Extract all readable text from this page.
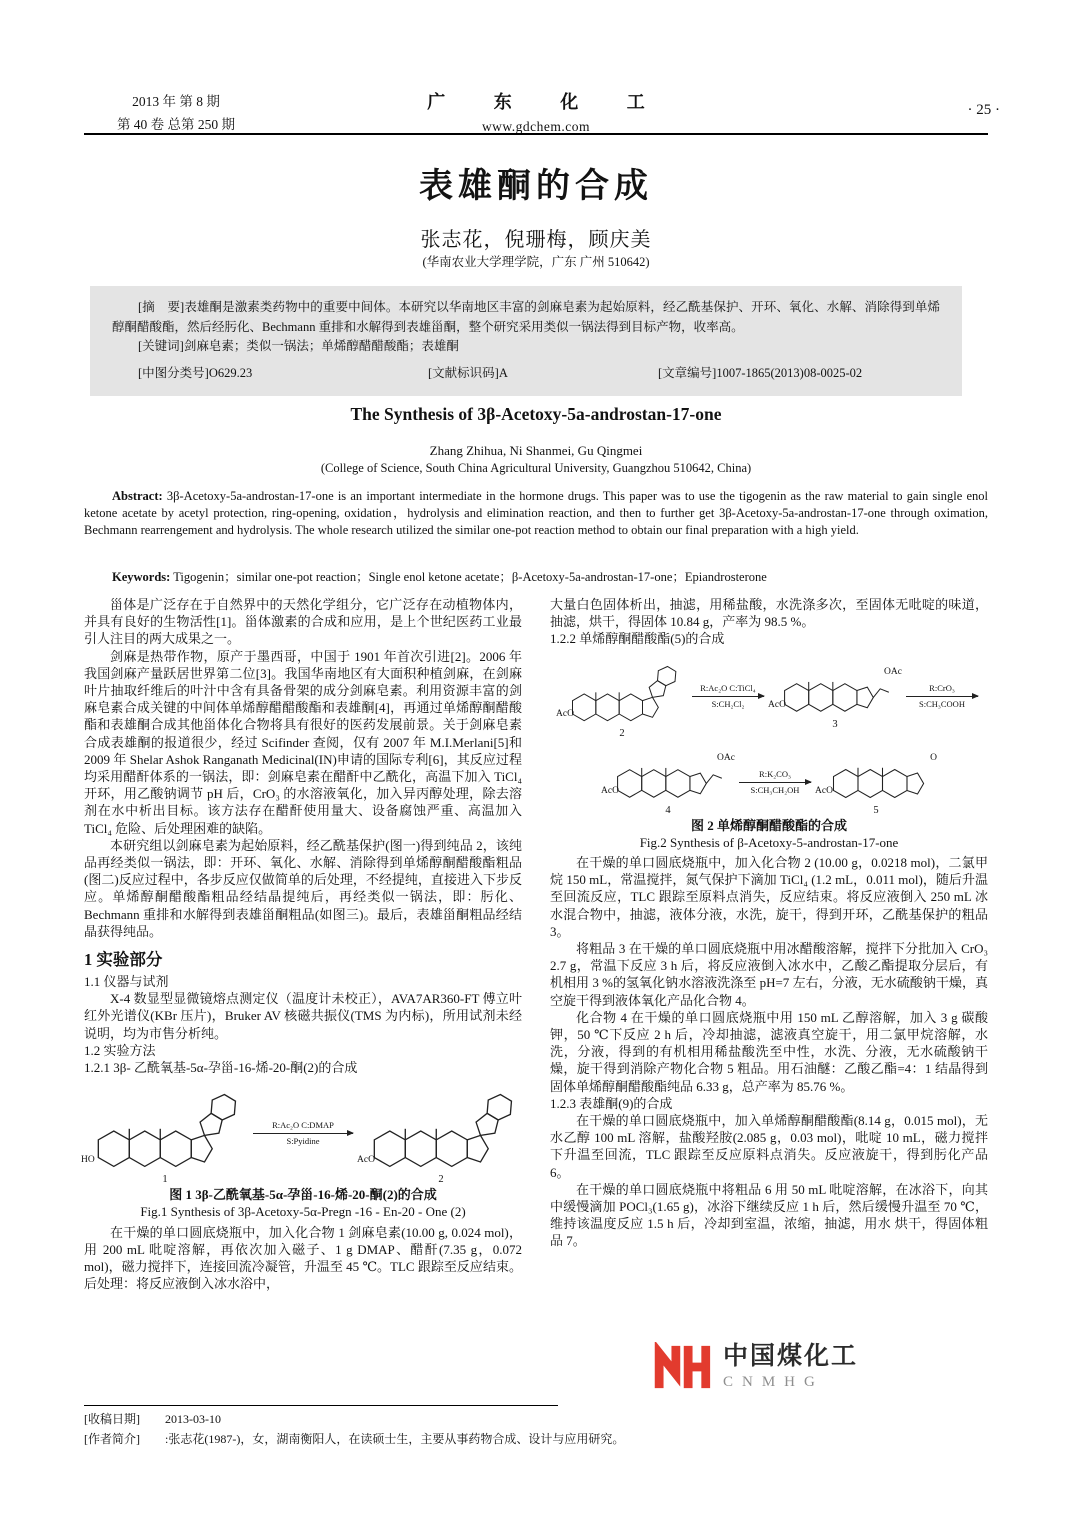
2013 年 第 8 期
第 40 卷 总第 250 期
广 东 化 工
www.gdchem.com
· 25 ·
表雄酮的合成
张志花，倪珊梅，顾庆美
(华南农业大学理学院，广东 广州 510642)

[摘　要]表雄酮是激素类药物中的重要中间体。本研究以华南地区丰富的剑麻皂素为起始原料，经乙酰基保护、开环、氧化、水解、消除得到单烯醇酮醋酸酯，然后经肟化、Bechmann 重排和水解得到表雄甾酮，整个研究采用类似一锅法得到目标产物，收率高。

[关键词]剑麻皂素；类似一锅法；单烯醇醋醋酸酯；表雄酮

[中图分类号]O629.23	[文献标识码]A	[文章编号]1007-1865(2013)08-0025-02
The Synthesis of 3β-Acetoxy-5a-androstan-17-one
Zhang Zhihua, Ni Shanmei, Gu Qingmei
(College of Science, South China Agricultural University, Guangzhou 510642, China)
Abstract: 3β-Acetoxy-5a-androstan-17-one is an important intermediate in the hormone drugs. This paper was to use the tigogenin as the raw material to gain single enol ketone acetate by acetyl protection, ring-opening, oxidation，hydrolysis and elimination reaction, and then to further get 3β-Acetoxy-5a-androstan-17-one through oximation, Bechmann rearrengement and hydrolysis. The whole research utilized the similar one-pot reaction method to obtain our final preparation with a high yield.
Keywords: Tigogenin；similar one-pot reaction；Single enol ketone acetate；β-Acetoxy-5a-androstan-17-one；Epiandrosterone

甾体是广泛存在于自然界中的天然化学组分，它广泛存在动植物体内，并具有良好的生物活性[1]。甾体激素的合成和应用，是上个世纪医药工业最引人注目的两大成果之一。

剑麻是热带作物，原产于墨西哥，中国于 1901 年首次引进[2]。2006 年我国剑麻产量跃居世界第二位[3]。我国华南地区有大面积种植剑麻，在剑麻叶片抽取纤维后的叶汁中含有具备骨架的成分剑麻皂素。利用资源丰富的剑麻皂素合成关键的中间体单烯醇醋醋酸酯和表雄酮[4]，再通过单烯醇酮醋酸酯和表雄酮合成其他甾体化合物将具有很好的医药发展前景。关于剑麻皂素合成表雄酮的报道很少，经过 Scifinder 查阅，仅有 2007 年 M.I.Merlani[5]和 2009 年 Shelar Ashok Ranganath Medicinal(IN)申请的国际专利[6]，其反应过程均采用醋酐体系的一锅法，即：剑麻皂素在醋酐中乙酰化，高温下加入 TiCl₄ 开环，用乙酸钠调节 pH 后，CrO₃ 的水溶液氧化，加入异丙醇处理，除去溶剂在水中析出目标。该方法存在醋酐使用量大、设备腐蚀严重、高温加入 TiCl₄ 危险、后处理困难的缺陷。

本研究组以剑麻皂素为起始原料，经乙酰基保护(图一)得到纯品 2，该纯品再经类似一锅法，即：开环、氧化、水解、消除得到单烯醇酮醋酸酯粗品(图二)反应过程中，各步反应仅做简单的后处理，不经提纯，直接进入下步反应。单烯醇酮醋酸酯粗品经结晶提纯后，再经类似一锅法，即：肟化、Bechmann 重排和水解得到表雄甾酮粗品(如图三)。最后，表雄甾酮粗品经结晶获得纯品。

1 实验部分

1.1 仪器与试剂

X-4 数显型显微镜熔点测定仪（温度计未校正），AVA7AR360-FT 傅立叶红外光谱仪(KBr 压片)，Bruker AV 核磁共振仪(TMS 为内标)，所用试剂未经说明，均为市售分析纯。

1.2 实验方法

1.2.1 3β- 乙酰氧基-5α-孕甾-16-烯-20-酮(2)的合成

HO
1
R:Ac₂O C:DMAP
S:Pyidine
AcO
2

图 1 3β-乙酰氧基-5α-孕甾-16-烯-20-酮(2)的合成

Fig.1 Synthesis of 3β-Acetoxy-5α-Pregn -16 - En-20 - One (2)

在干燥的单口圆底烧瓶中，加入化合物 1 剑麻皂素(10.00 g, 0.024 mol)，用 200 mL 吡啶溶解，再依次加入磁子、1 g DMAP、醋酐(7.35 g，0.072 mol)，磁力搅拌下，连接回流冷凝管，升温至 45 ℃。TLC 跟踪至反应结束。后处理：将反应液倒入冰水浴中，

大量白色固体析出，抽滤，用稀盐酸，水洗涤多次，至固体无吡啶的味道，抽滤，烘干，得固体 10.84 g，产率为 98.5 %。

1.2.2 单烯醇酮醋酸酯(5)的合成

AcO
2
R:Ac₂O C:TiCl₄
S:CH₂Cl₂ AcO
OAc
3
R:CrO₃
S:CH₃COOH
AcO
OAc
4
R:K₂CO₃
S:CH₃CH₂OH AcO
O
5

图 2 单烯醇酮醋酸酯的合成

Fig.2 Synthesis of β-Acetoxy-5-androstan-17-one

在干燥的单口圆底烧瓶中，加入化合物 2 (10.00 g，0.0218 mol)，二氯甲烷 150 mL，常温搅拌，氮气保护下滴加 TiCl₄ (1.2 mL，0.011 mol)，随后升温至回流反应，TLC 跟踪至原料点消失，反应结束。将反应液倒入 250 mL 冰水混合物中，抽滤，液体分液，水洗，旋干，得到开环，乙酰基保护的粗品 3。

将粗品 3 在干燥的单口圆底烧瓶中用冰醋酸溶解，搅拌下分批加入 CrO₃ 2.7 g，常温下反应 3 h 后，将反应液倒入冰水中，乙酸乙酯提取分层后，有机相用 3 %的氢氧化钠水溶液洗涤至 pH=7 左右，分液，无水硫酸钠干燥，真空旋干得到液体氧化产品化合物 4。

化合物 4 在干燥的单口圆底烧瓶中用 150 mL 乙醇溶解，加入 3 g 碳酸钾，50 ℃下反应 2 h 后，冷却抽滤，滤液真空旋干，用二氯甲烷溶解，水洗，分液，得到的有机相用稀盐酸洗至中性，水洗、分液，无水硫酸钠干燥，旋干得到消除产物化合物 5 粗品。用石油醚：乙酸乙酯=4：1 结晶得到固体单烯醇酮醋酸酯纯品 6.33 g，总产率为 85.76 %。

1.2.3 表雄酮(9)的合成

在干燥的单口圆底烧瓶中，加入单烯醇酮醋酸酯(8.14 g，0.015 mol)，无水乙醇 100 mL 溶解，盐酸羟胺(2.085 g，0.03 mol)，吡啶 10 mL，磁力搅拌下升温至回流，TLC 跟踪至反应原料点消失。反应液旋干，得到肟化产品 6。

在干燥的单口圆底烧瓶中将粗品 6 用 50 mL 吡啶溶解，在冰浴下，向其中缓慢滴加 POCl₃(1.65 g)，冰浴下继续反应 1 h 后，然后缓慢升温至 70 ℃，维持该温度反应 1.5 h 后，冷却到室温，浓缩，抽滤，用水 烘干，得固体粗品 7。

中国煤化工
CNMHG
[收稿日期] 2013-03-10
[作者简介] :张志花(1987-)，女，湖南衡阳人，在读硕士生，主要从事药物合成、设计与应用研究。
